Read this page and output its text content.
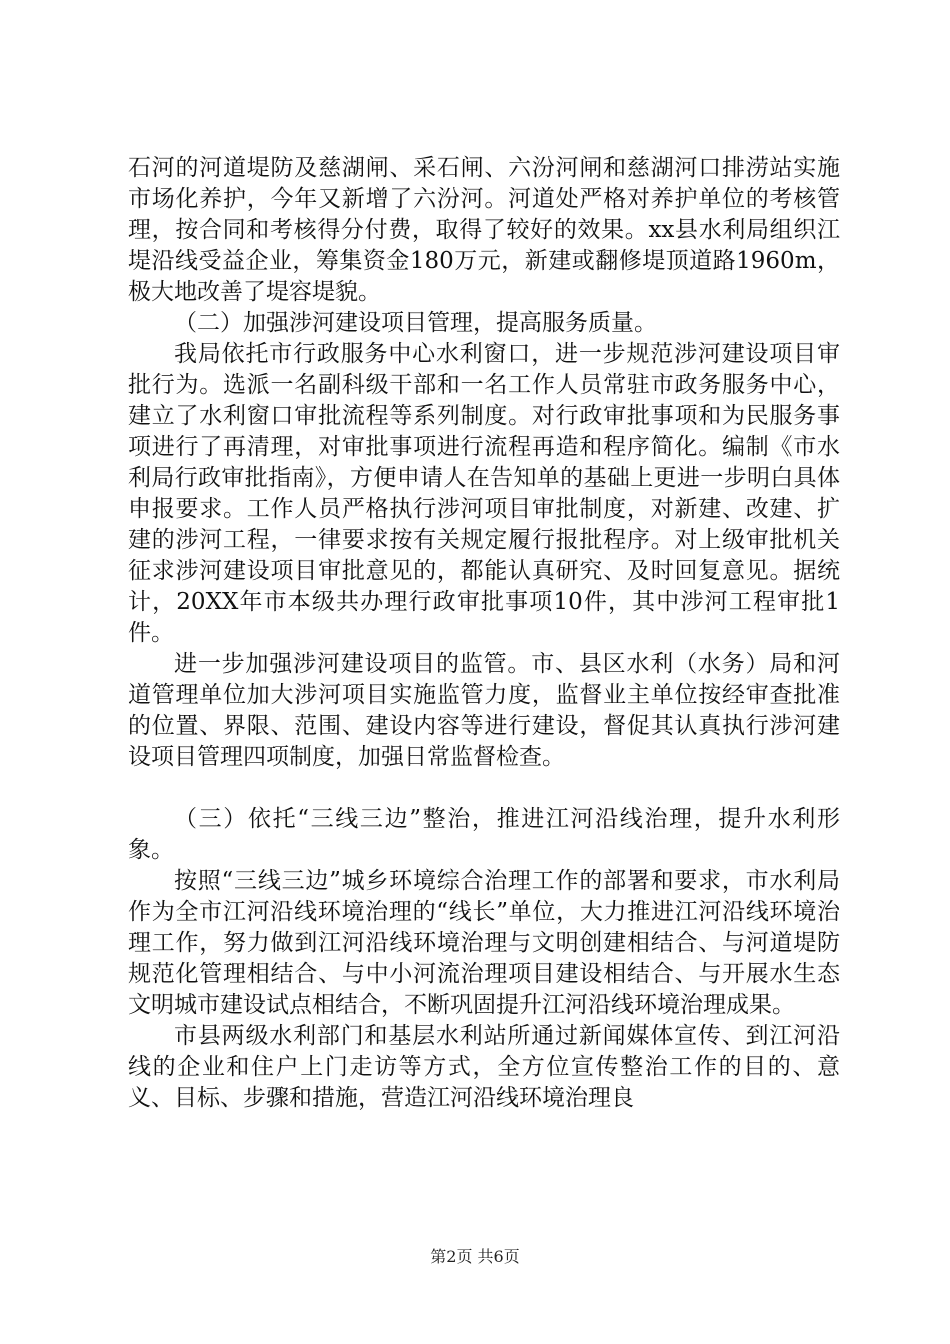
石河的河道堤防及慈湖闸、采石闸、六汾河闸和慈湖河口排涝站实施市场化养护，今年又新增了六汾河。河道处严格对养护单位的考核管理，按合同和考核得分付费，取得了较好的效果。xx县水利局组织江堤沿线受益企业，筹集资金180万元，新建或翻修堤顶道路1960m，极大地改善了堤容堤貌。

（二）加强涉河建设项目管理，提高服务质量。

我局依托市行政服务中心水利窗口，进一步规范涉河建设项目审批行为。选派一名副科级干部和一名工作人员常驻市政务服务中心，建立了水利窗口审批流程等系列制度。对行政审批事项和为民服务事项进行了再清理，对审批事项进行流程再造和程序简化。编制《市水利局行政审批指南》，方便申请人在告知单的基础上更进一步明白具体申报要求。工作人员严格执行涉河项目审批制度，对新建、改建、扩建的涉河工程，一律要求按有关规定履行报批程序。对上级审批机关征求涉河建设项目审批意见的，都能认真研究、及时回复意见。据统计，20XX年市本级共办理行政审批事项10件，其中涉河工程审批1件。

进一步加强涉河建设项目的监管。市、县区水利（水务）局和河道管理单位加大涉河项目实施监管力度，监督业主单位按经审查批准的位置、界限、范围、建设内容等进行建设，督促其认真执行涉河建设项目管理四项制度，加强日常监督检查。

（三）依托“三线三边”整治，推进江河沿线治理，提升水利形象。

按照“三线三边”城乡环境综合治理工作的部署和要求，市水利局作为全市江河沿线环境治理的“线长”单位，大力推进江河沿线环境治理工作，努力做到江河沿线环境治理与文明创建相结合、与河道堤防规范化管理相结合、与中小河流治理项目建设相结合、与开展水生态文明城市建设试点相结合，不断巩固提升江河沿线环境治理成果。

市县两级水利部门和基层水利站所通过新闻媒体宣传、到江河沿线的企业和住户上门走访等方式，全方位宣传整治工作的目的、意义、目标、步骤和措施，营造江河沿线环境治理良

第2页 共6页
